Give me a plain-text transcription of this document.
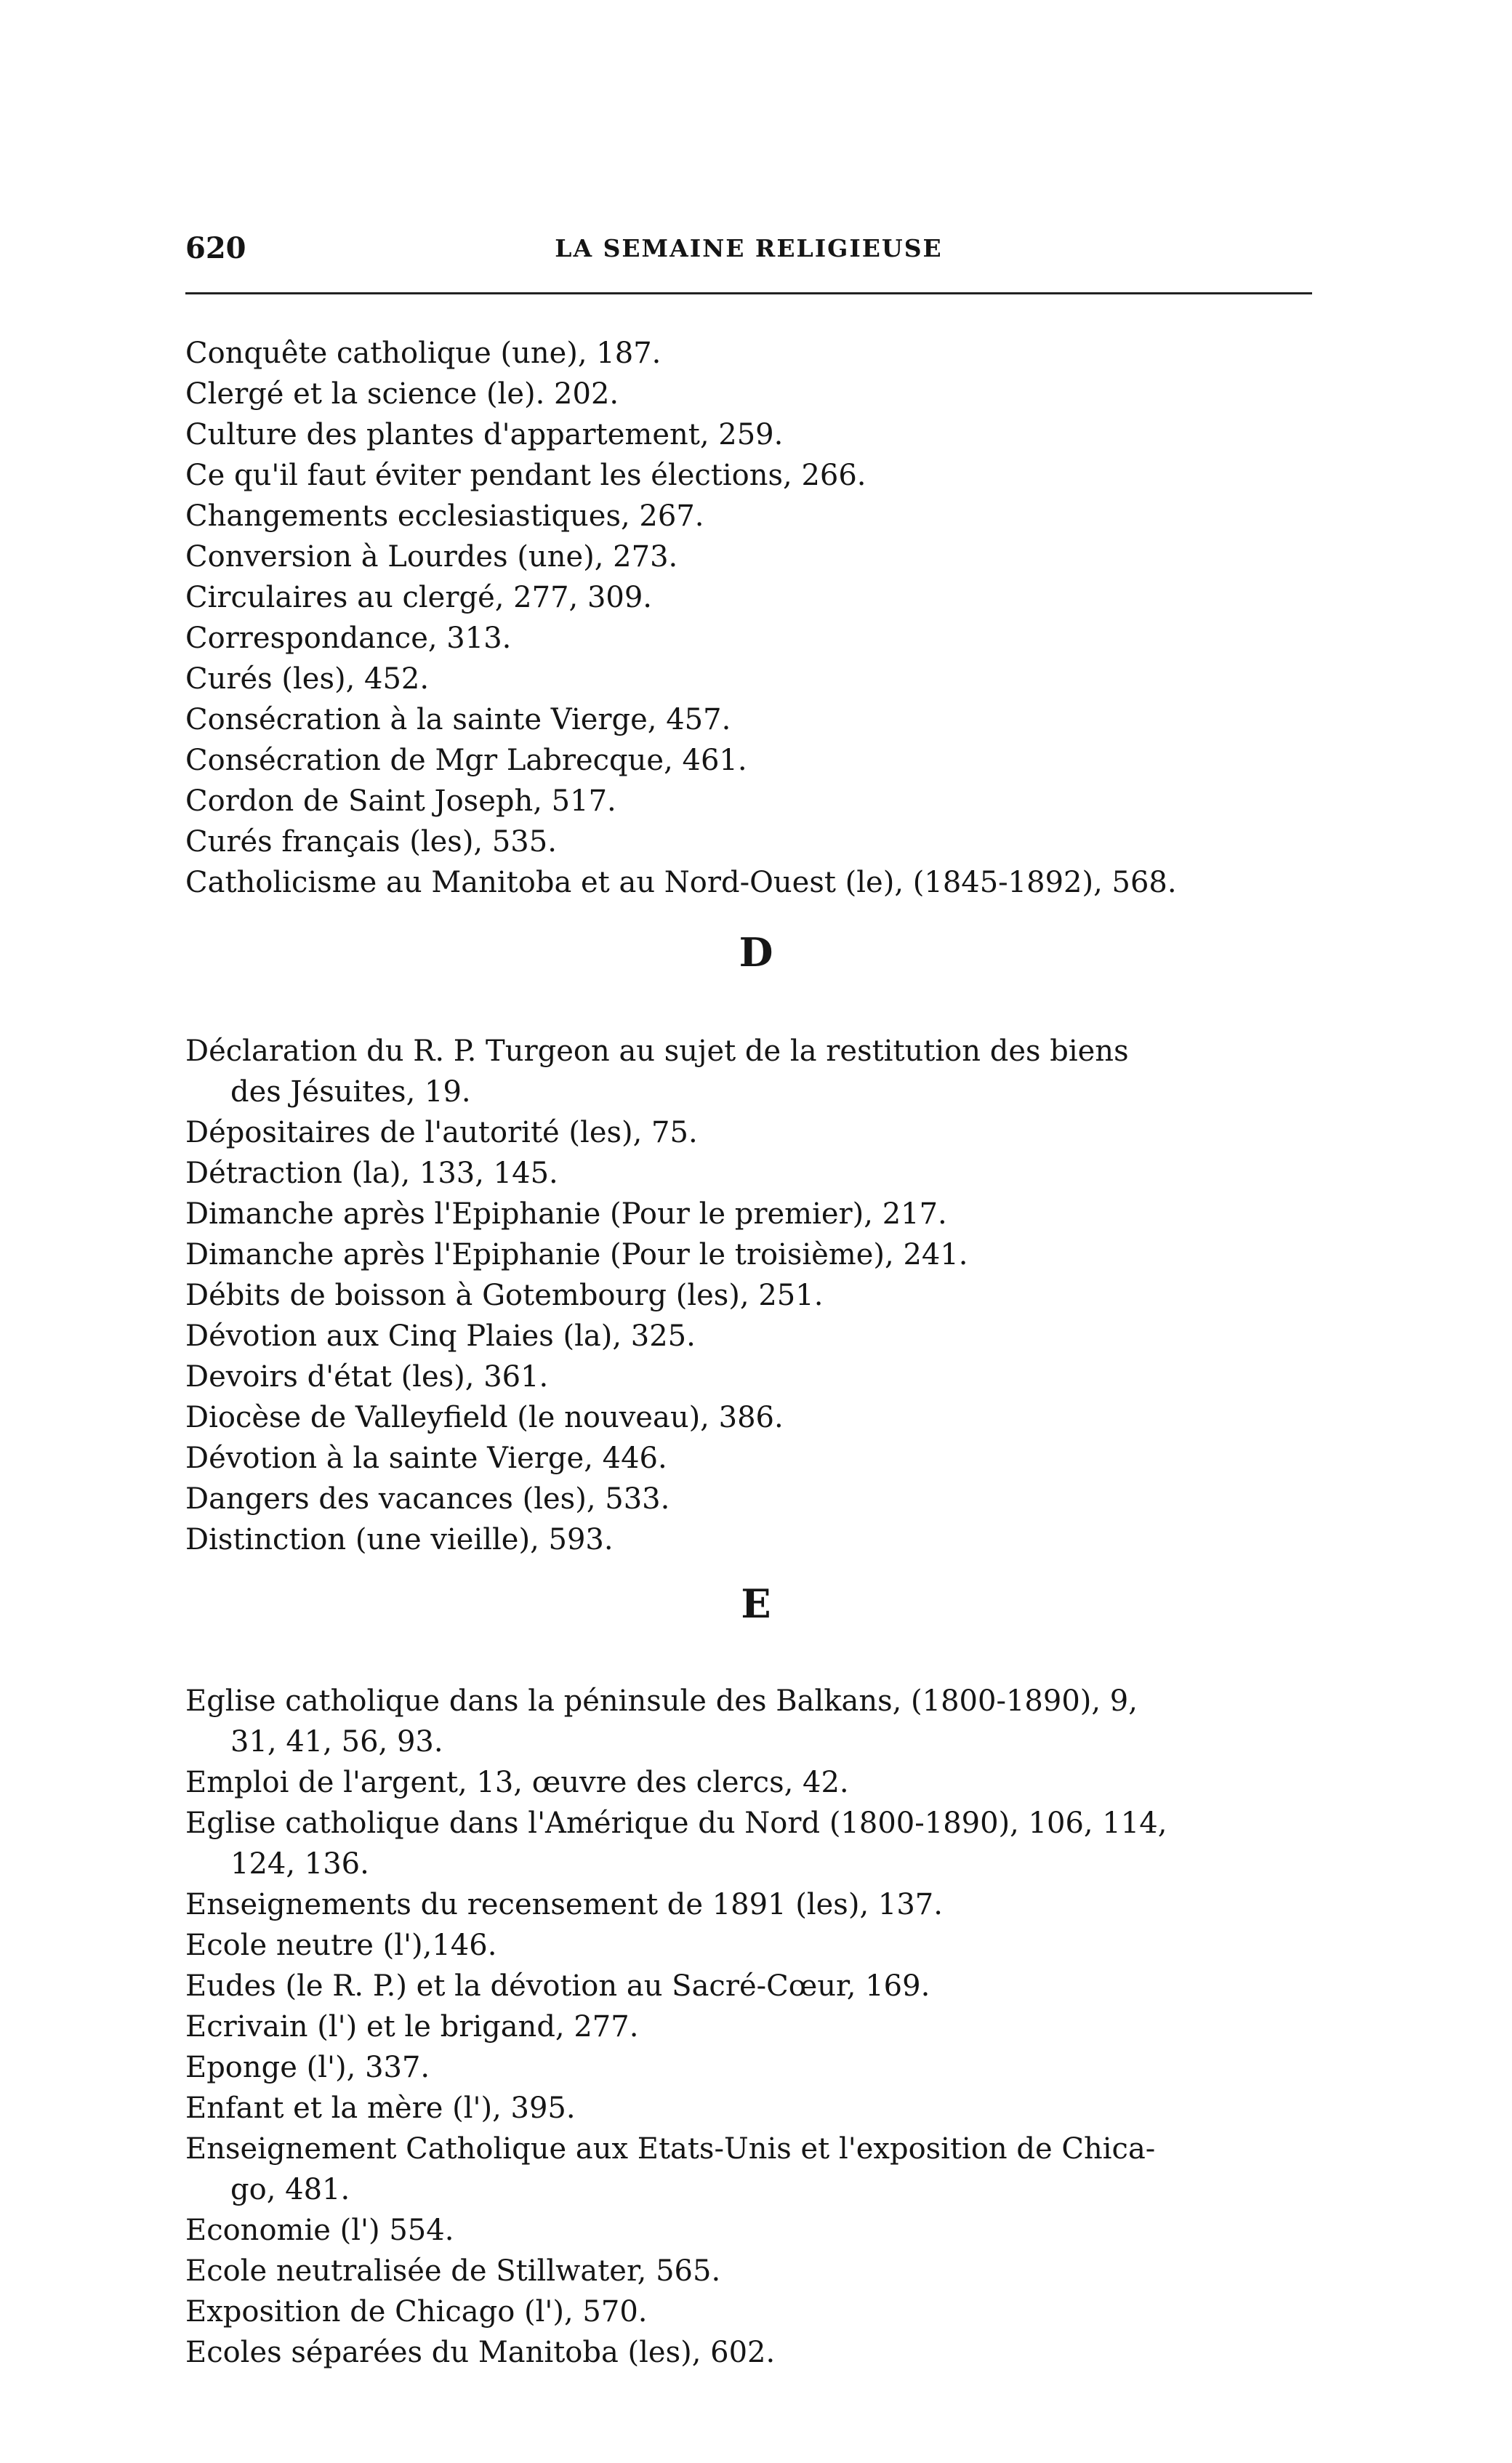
620	LA SEMAINE RELIGIEUSE

Conquête catholique (une), 187.

Clergé et la science (le). 202.

Culture des plantes d'appartement, 259.

Ce qu'il faut éviter pendant les élections, 266.

Changements ecclesiastiques, 267.

Conversion à Lourdes (une), 273.

Circulaires au clergé, 277, 309.

Correspondance, 313.

Curés (les), 452.

Consécration à la sainte Vierge, 457.

Consécration de Mgr Labrecque, 461.

Cordon de Saint Joseph, 517.

Curés français (les), 535.

Catholicisme au Manitoba et au Nord-Ouest (le), (1845-1892), 568.

D

Déclaration du R. P. Turgeon au sujet de la restitution des biens
des Jésuites, 19.

Dépositaires de l'autorité (les), 75.

Détraction (la), 133, 145.

Dimanche après l'Epiphanie (Pour le premier), 217.

Dimanche après l'Epiphanie (Pour le troisième), 241.

Débits de boisson à Gotembourg (les), 251.

Dévotion aux Cinq Plaies (la), 325.

Devoirs d'état (les), 361.

Diocèse de Valleyfield (le nouveau), 386.

Dévotion à la sainte Vierge, 446.

Dangers des vacances (les), 533.

Distinction (une vieille), 593.

E

Eglise catholique dans la péninsule des Balkans, (1800-1890), 9,
31, 41, 56, 93.

Emploi de l'argent, 13, œuvre des clercs, 42.

Eglise catholique dans l'Amérique du Nord (1800-1890), 106, 114,
124, 136.

Enseignements du recensement de 1891 (les), 137.

Ecole neutre (l'),146.

Eudes (le R. P.) et la dévotion au Sacré-Cœur, 169.

Ecrivain (l') et le brigand, 277.

Eponge (l'), 337.

Enfant et la mère (l'), 395.

Enseignement Catholique aux Etats-Unis et l'exposition de Chica-
go, 481.

Economie (l') 554.

Ecole neutralisée de Stillwater, 565.

Exposition de Chicago (l'), 570.

Ecoles séparées du Manitoba (les), 602.
